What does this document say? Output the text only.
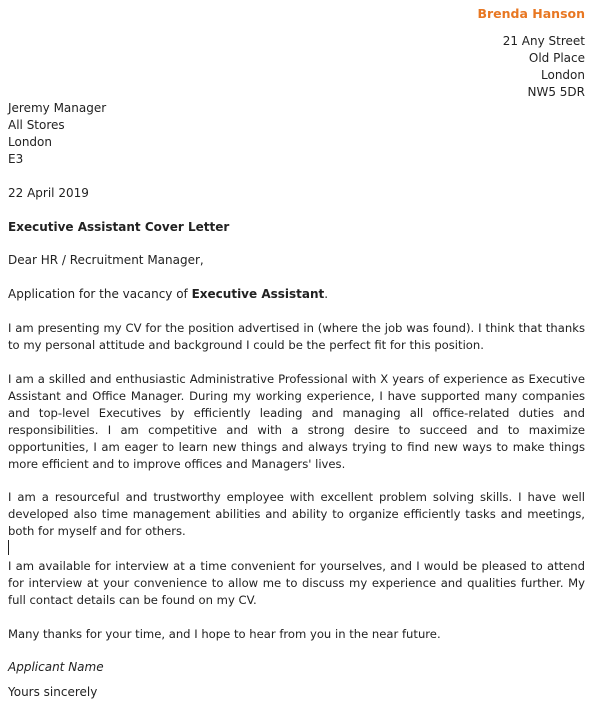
Brenda Hanson
21 Any Street
Old Place
London
NW5 5DR
Jeremy Manager
All Stores
London
E3
22 April 2019
Executive Assistant Cover Letter
Dear HR / Recruitment Manager,
Application for the vacancy of Executive Assistant.

I am presenting my CV for the position advertised in (where the job was found). I think that thanks to my personal attitude and background I could be the perfect fit for this position.

I am a skilled and enthusiastic Administrative Professional with X years of experience as Executive Assistant and Office Manager. During my working experience, I have supported many companies and top-level Executives by efficiently leading and managing all office-related duties and responsibilities. I am competitive and with a strong desire to succeed and to maximize opportunities, I am eager to learn new things and always trying to find new ways to make things more efficient and to improve offices and Managers' lives.

I am a resourceful and trustworthy employee with excellent problem solving skills. I have well developed also time management abilities and ability to organize efficiently tasks and meetings, both for myself and for others.

I am available for interview at a time convenient for yourselves, and I would be pleased to attend for interview at your convenience to allow me to discuss my experience and qualities further. My full contact details can be found on my CV.

Many thanks for your time, and I hope to hear from you in the near future.

Applicant Name
Yours sincerely
